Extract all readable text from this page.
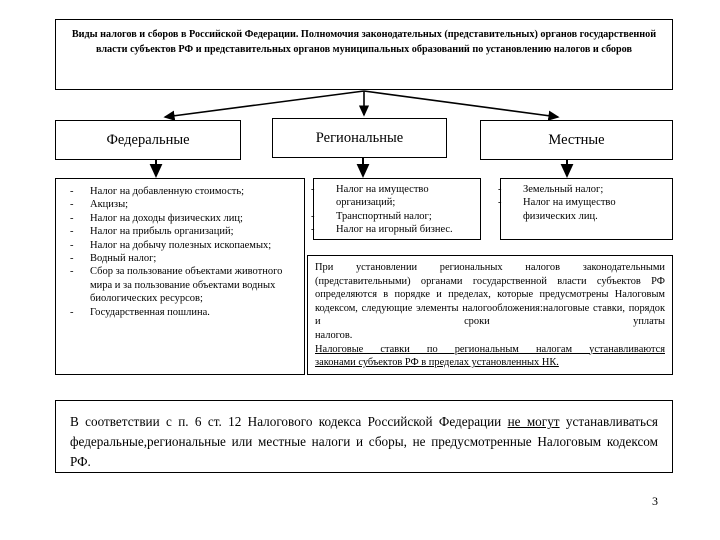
Виды налогов и сборов в Российской Федерации. Полномочия законодательных (представительных) органов государственной власти субъектов РФ и представительных органов муниципальных образований по установлению налогов и сборов
Федеральные	Региональные	Местные
- Налог на добавленную стоимость;
- Акцизы;
- Налог на доходы физических лиц;
- Налог на прибыль организаций;
- Налог на добычу полезных ископаемых;
- Водный налог;
- Сбор за пользование объектами животного мира и за пользование объектами водных биологических ресурсов;
- Государственная пошлина.
- Налог на имущество организаций;
- Транспортный налог;
- Налог на игорный бизнес.
- Земельный налог;
- Налог на имущество физических лиц.

При установлении региональных налогов законодательными (представительными) органами государственной власти субъектов РФ определяются в порядке и пределах, которые предусмотрены Налоговым кодексом, следующие элементы налогообложения:налоговые ставки, порядок и сроки уплаты

налогов.

Налоговые ставки по региональным налогам устанавливаются

законами субъектов РФ в пределах установленных НК.

В соответствии с п. 6 ст. 12 Налогового кодекса Российской Федерации не могут устанавливаться федеральные,региональные или местные налоги и сборы, не предусмотренные Налоговым кодексом РФ.

3
